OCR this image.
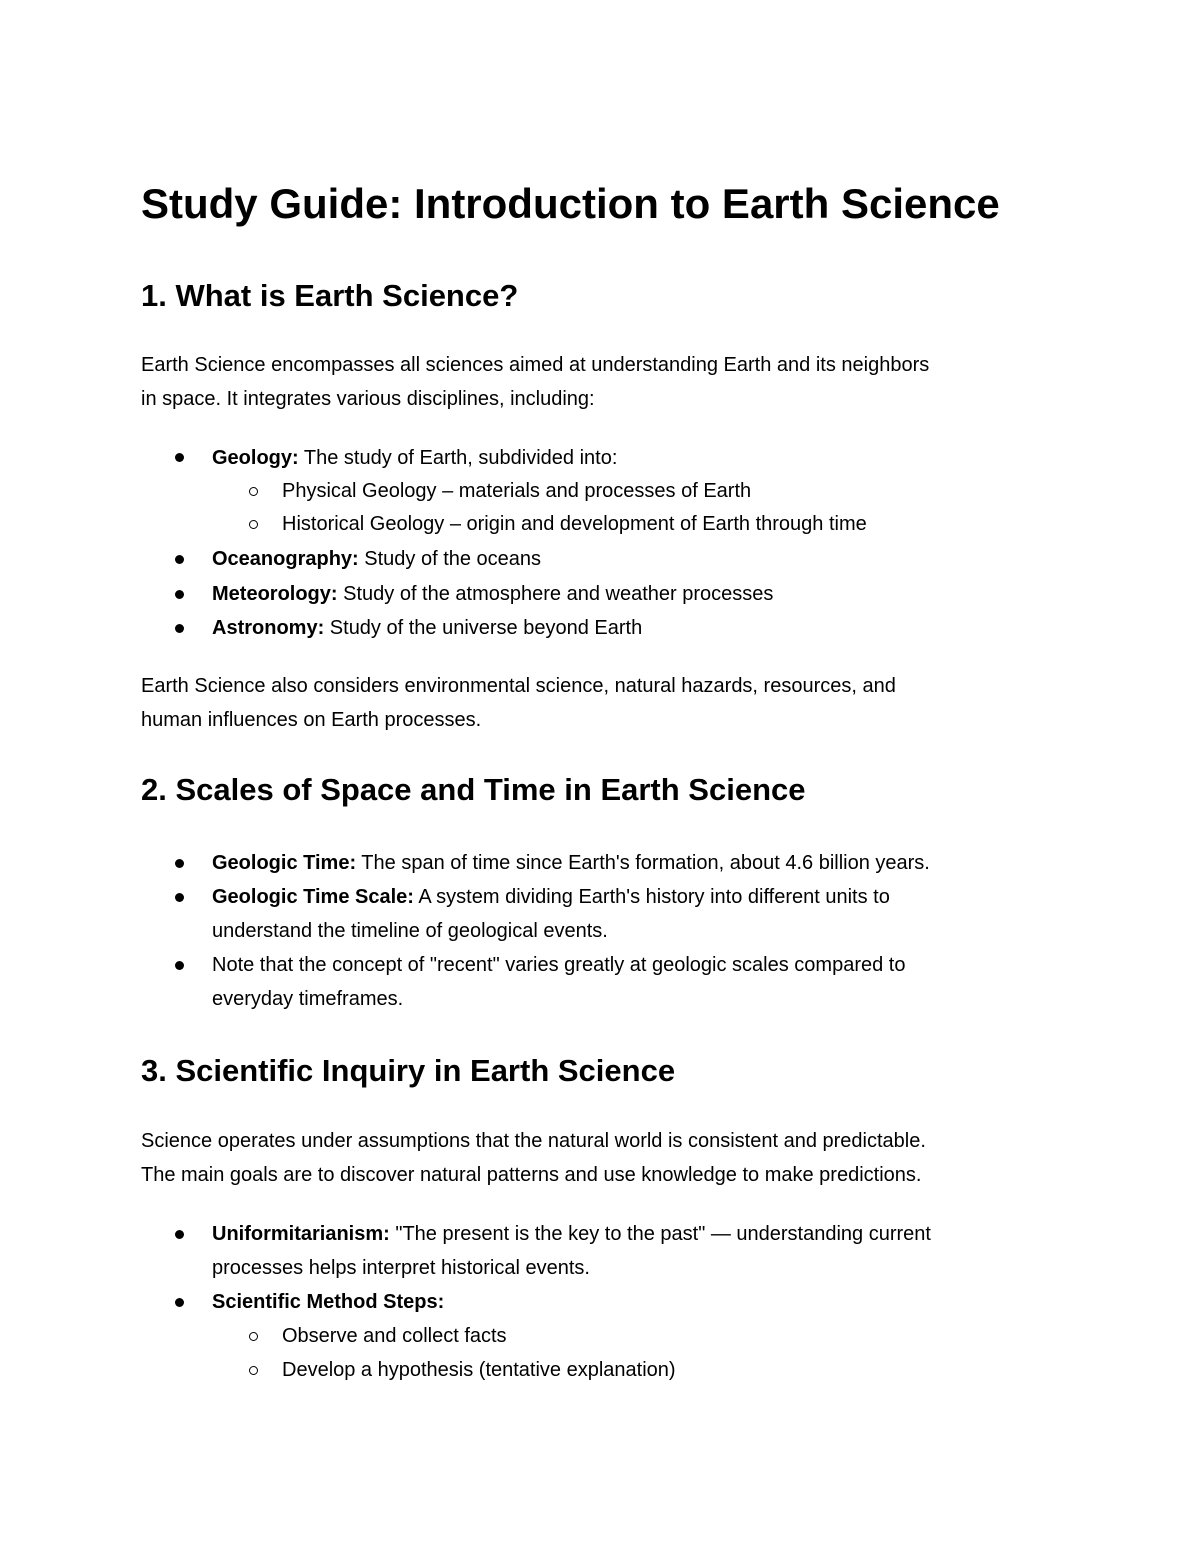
Study Guide: Introduction to Earth Science
1. What is Earth Science?
Earth Science encompasses all sciences aimed at understanding Earth and its neighbors
in space. It integrates various disciplines, including:
Geology: The study of Earth, subdivided into:
Physical Geology – materials and processes of Earth
Historical Geology – origin and development of Earth through time
Oceanography: Study of the oceans
Meteorology: Study of the atmosphere and weather processes
Astronomy: Study of the universe beyond Earth
Earth Science also considers environmental science, natural hazards, resources, and
human influences on Earth processes.
2. Scales of Space and Time in Earth Science
Geologic Time: The span of time since Earth's formation, about 4.6 billion years.
Geologic Time Scale: A system dividing Earth's history into different units to
understand the timeline of geological events.
Note that the concept of "recent" varies greatly at geologic scales compared to
everyday timeframes.
3. Scientific Inquiry in Earth Science
Science operates under assumptions that the natural world is consistent and predictable.
The main goals are to discover natural patterns and use knowledge to make predictions.
Uniformitarianism: "The present is the key to the past" — understanding current
processes helps interpret historical events.
Scientific Method Steps:
Observe and collect facts
Develop a hypothesis (tentative explanation)
